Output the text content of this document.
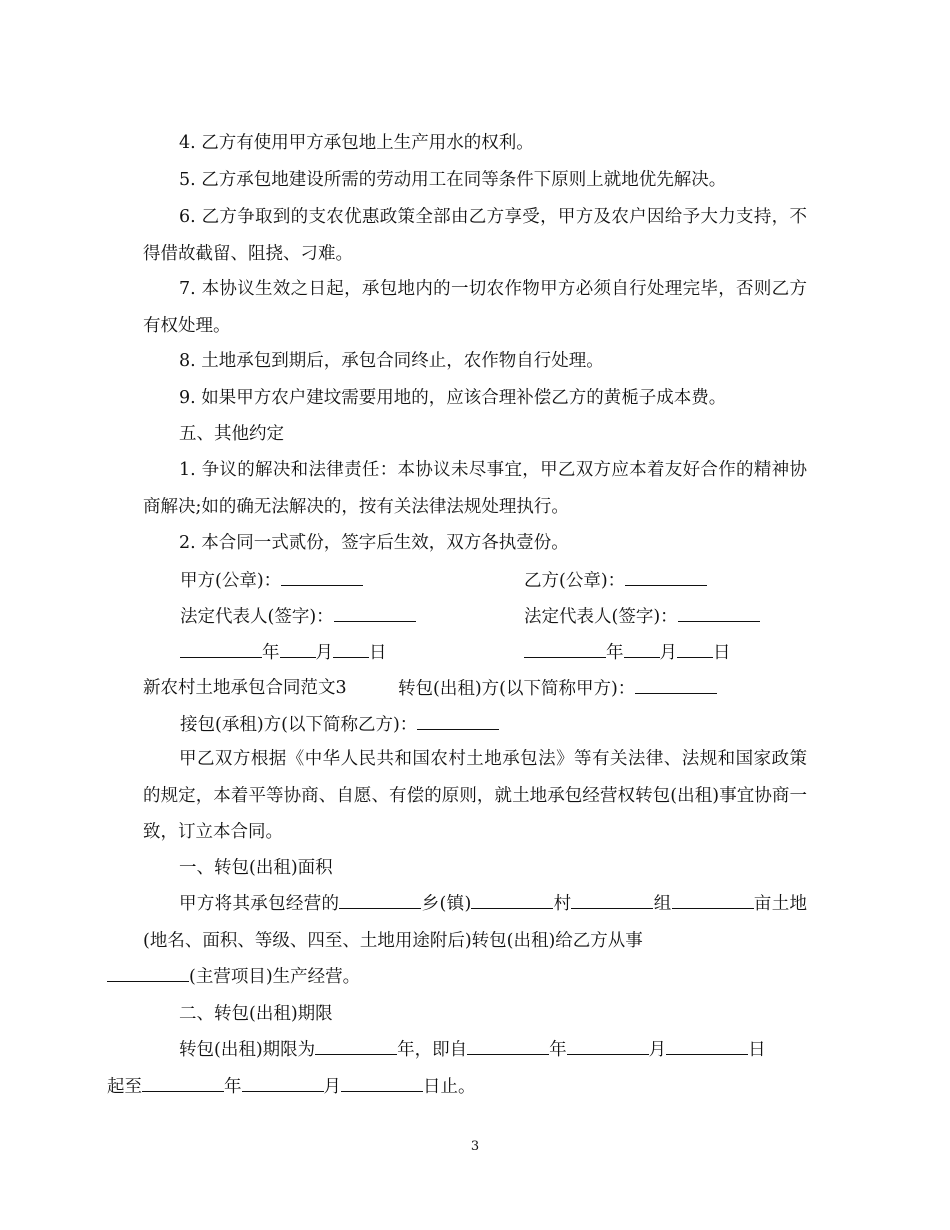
4. 乙方有使用甲方承包地上生产用水的权利。

5. 乙方承包地建设所需的劳动用工在同等条件下原则上就地优先解决。

6. 乙方争取到的支农优惠政策全部由乙方享受，甲方及农户因给予大力支持，不得借故截留、阻挠、刁难。

7. 本协议生效之日起，承包地内的一切农作物甲方必须自行处理完毕，否则乙方有权处理。

8. 土地承包到期后，承包合同终止，农作物自行处理。

9. 如果甲方农户建坟需要用地的，应该合理补偿乙方的黄栀子成本费。

五、其他约定

1. 争议的解决和法律责任：本协议未尽事宜，甲乙双方应本着友好合作的精神协商解决;如的确无法解决的，按有关法律法规处理执行。

2. 本合同一式贰份，签字后生效，双方各执壹份。

甲方(公章)：	乙方(公章)：
法定代表人(签字)：	法定代表人(签字)：
年 月 日	年 月 日
新农村土地承包合同范文3	转包(出租)方(以下简称甲方)：
接包(承租)方(以下简称乙方)：

甲乙双方根据《中华人民共和国农村土地承包法》等有关法律、法规和国家政策的规定，本着平等协商、自愿、有偿的原则，就土地承包经营权转包(出租)事宜协商一致，订立本合同。

一、转包(出租)面积

甲方将其承包经营的	乡(镇)	村	组	亩土地(地名、面积、等级、四至、土地用途附后)转包(出租)给乙方从事
(主营项目)生产经营。

二、转包(出租)期限

转包(出租)期限为	年，即自	年	月	日
起至	年	月	日止。

3
